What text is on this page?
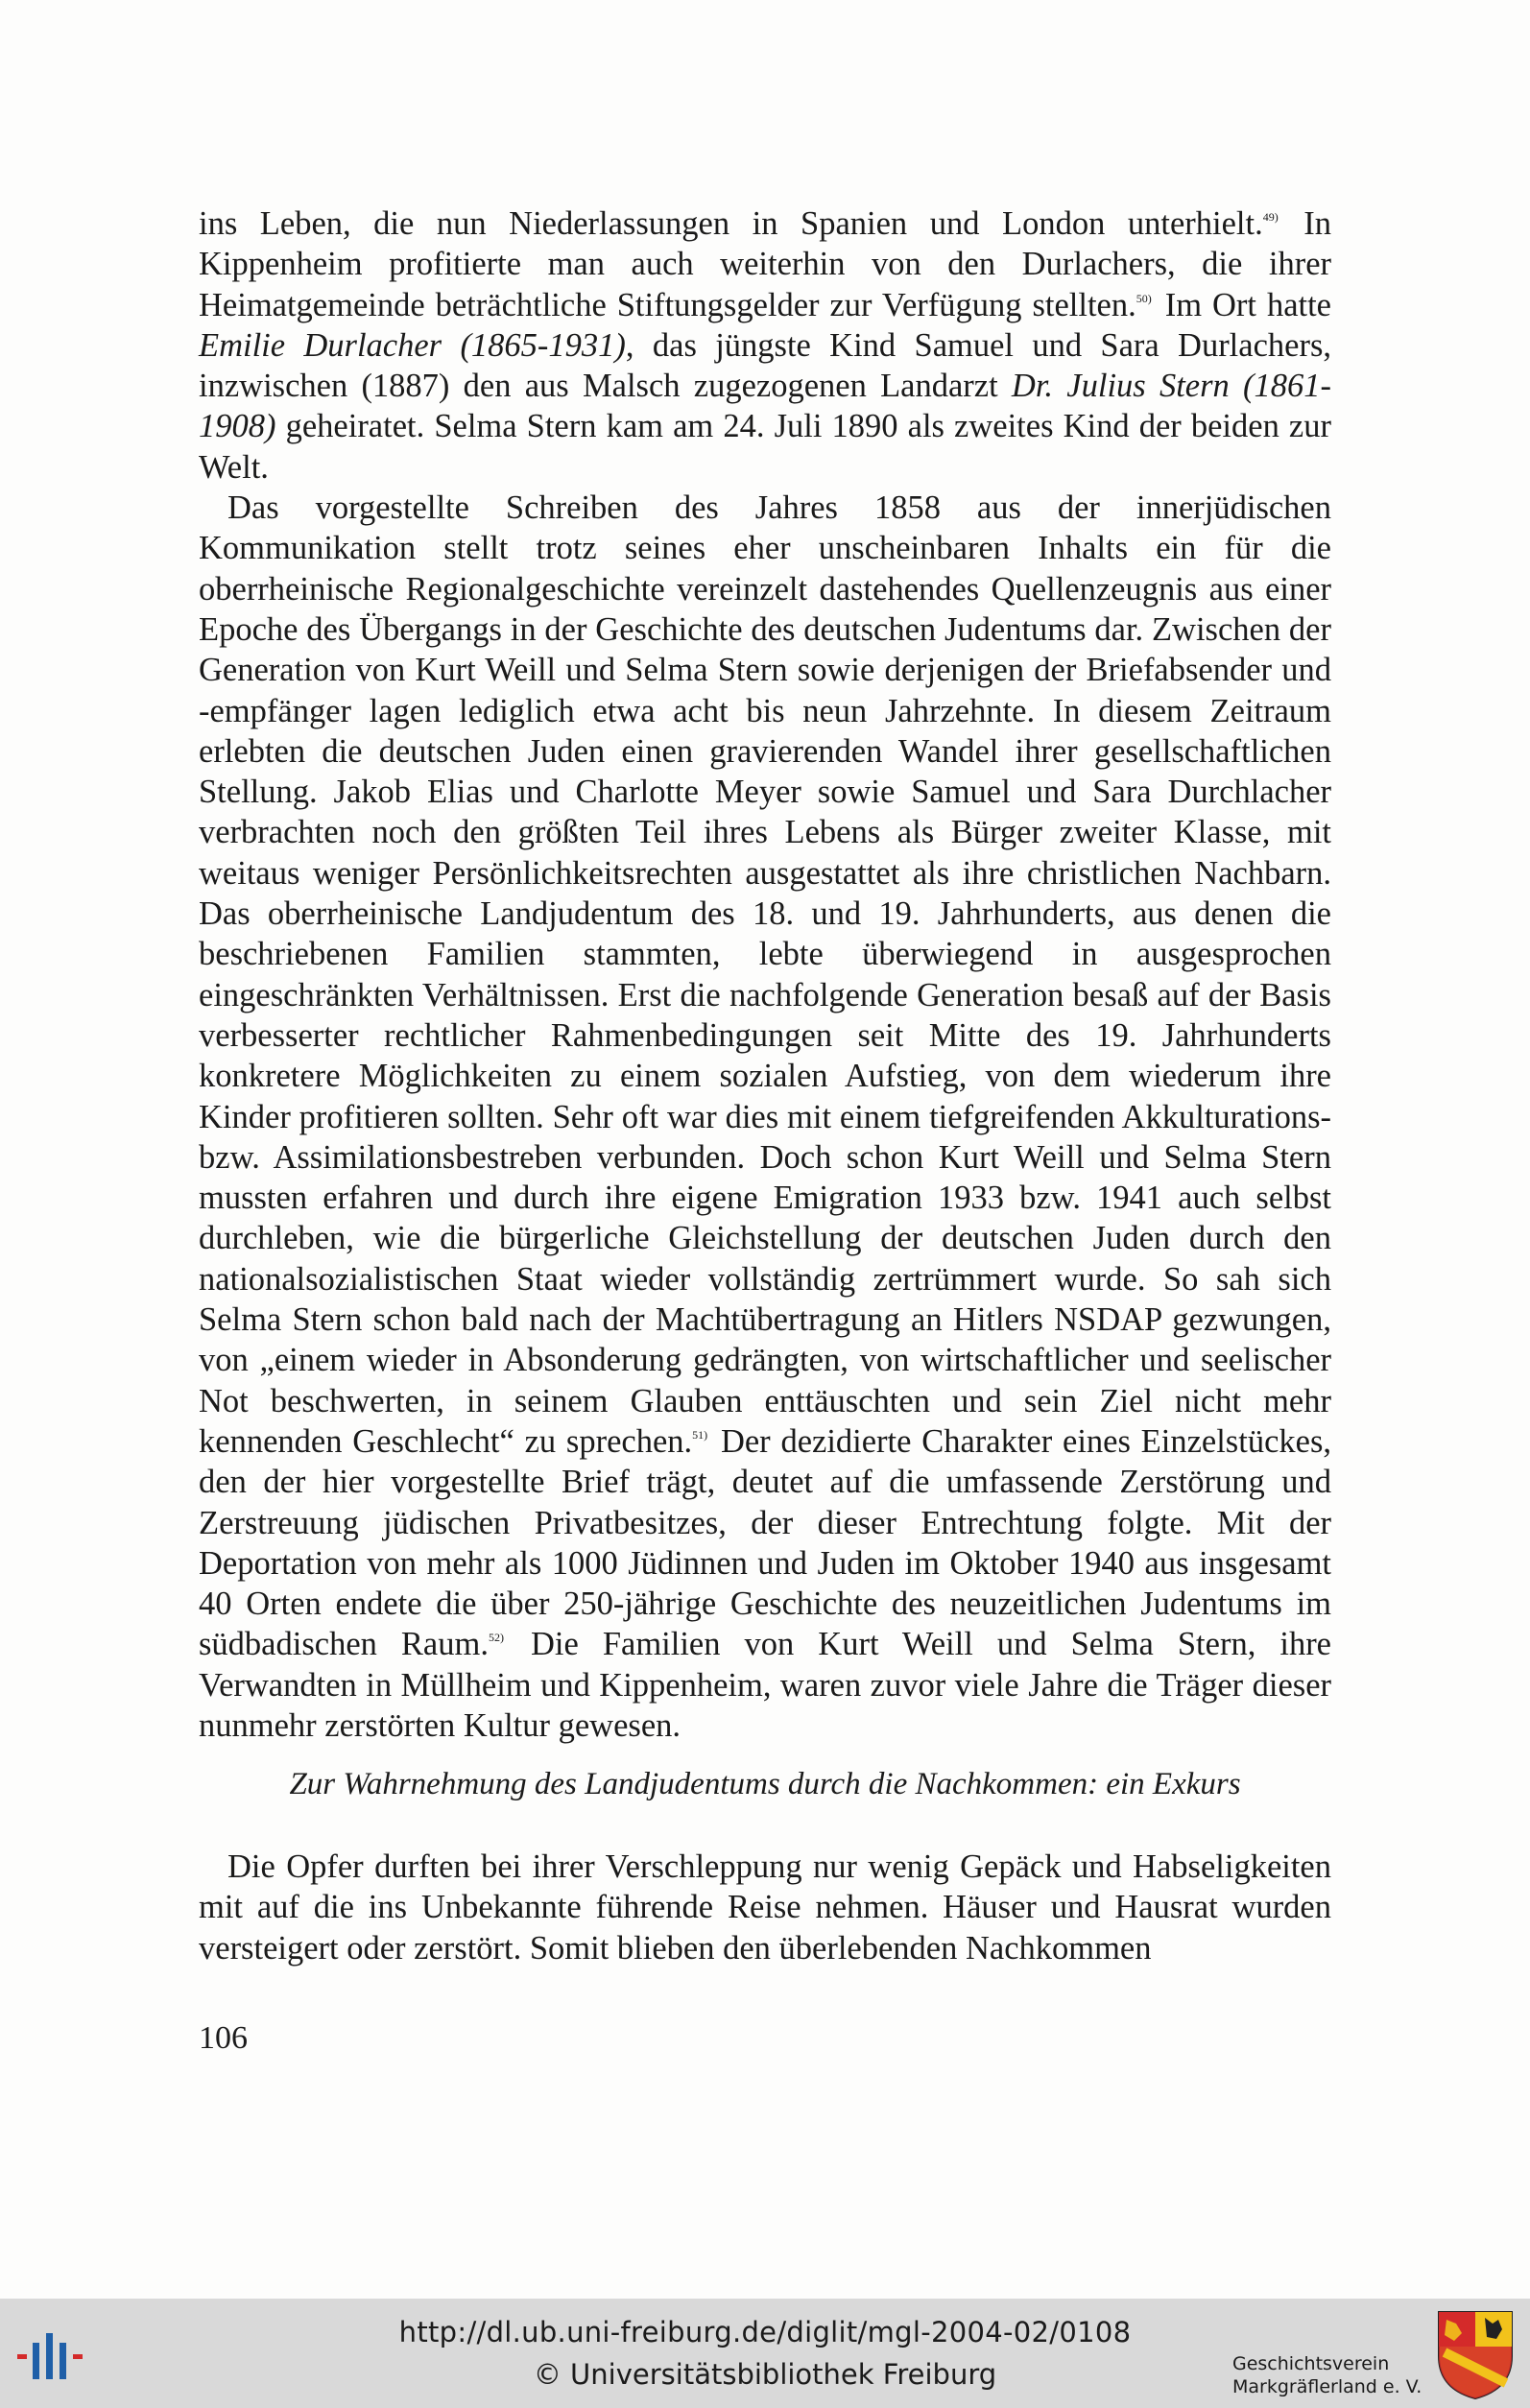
ins Leben, die nun Niederlassungen in Spanien und London unterhielt.$^{49)}$ In Kippenheim profitierte man auch weiterhin von den Durlachers, die ihrer Heimatgemeinde beträchtliche Stiftungsgelder zur Verfügung stellten.$^{50)}$ Im Ort hatte Emilie Durlacher (1865-1931), das jüngste Kind Samuel und Sara Durlachers, inzwischen (1887) den aus Malsch zugezogenen Landarzt Dr. Julius Stern (1861-1908) geheiratet. Selma Stern kam am 24. Juli 1890 als zweites Kind der beiden zur Welt.

Das vorgestellte Schreiben des Jahres 1858 aus der innerjüdischen Kommunikation stellt trotz seines eher unscheinbaren Inhalts ein für die oberrheinische Regionalgeschichte vereinzelt dastehendes Quellenzeugnis aus einer Epoche des Übergangs in der Geschichte des deutschen Judentums dar. Zwischen der Generation von Kurt Weill und Selma Stern sowie derjenigen der Briefabsender und -empfänger lagen lediglich etwa acht bis neun Jahrzehnte. In diesem Zeitraum erlebten die deutschen Juden einen gravierenden Wandel ihrer gesellschaftlichen Stellung. Jakob Elias und Charlotte Meyer sowie Samuel und Sara Durchlacher verbrachten noch den größten Teil ihres Lebens als Bürger zweiter Klasse, mit weitaus weniger Persönlichkeitsrechten ausgestattet als ihre christlichen Nachbarn. Das oberrheinische Landjudentum des 18. und 19. Jahrhunderts, aus denen die beschriebenen Familien stammten, lebte überwiegend in ausgesprochen eingeschränkten Verhältnissen. Erst die nachfolgende Generation besaß auf der Basis verbesserter rechtlicher Rahmenbedingungen seit Mitte des 19. Jahrhunderts konkretere Möglichkeiten zu einem sozialen Aufstieg, von dem wiederum ihre Kinder profitieren sollten. Sehr oft war dies mit einem tiefgreifenden Akkulturations- bzw. Assimilationsbestreben verbunden. Doch schon Kurt Weill und Selma Stern mussten erfahren und durch ihre eigene Emigration 1933 bzw. 1941 auch selbst durchleben, wie die bürgerliche Gleichstellung der deutschen Juden durch den nationalsozialistischen Staat wieder vollständig zertrümmert wurde. So sah sich Selma Stern schon bald nach der Machtübertragung an Hitlers NSDAP gezwungen, von „einem wieder in Absonderung gedrängten, von wirtschaftlicher und seelischer Not beschwerten, in seinem Glauben enttäuschten und sein Ziel nicht mehr kennenden Geschlecht“ zu sprechen.$^{51)}$ Der dezidierte Charakter eines Einzelstückes, den der hier vorgestellte Brief trägt, deutet auf die umfassende Zerstörung und Zerstreuung jüdischen Privatbesitzes, der dieser Entrechtung folgte. Mit der Deportation von mehr als 1000 Jüdinnen und Juden im Oktober 1940 aus insgesamt 40 Orten endete die über 250-jährige Geschichte des neuzeitlichen Judentums im südbadischen Raum.$^{52)}$ Die Familien von Kurt Weill und Selma Stern, ihre Verwandten in Müllheim und Kippenheim, waren zuvor viele Jahre die Träger dieser nunmehr zerstörten Kultur gewesen.

Zur Wahrnehmung des Landjudentums durch die Nachkommen: ein Exkurs

Die Opfer durften bei ihrer Verschleppung nur wenig Gepäck und Habseligkeiten mit auf die ins Unbekannte führende Reise nehmen. Häuser und Hausrat wurden versteigert oder zerstört. Somit blieben den überlebenden Nachkommen

106
http://dl.ub.uni-freiburg.de/diglit/mgl-2004-02/0108
© Universitätsbibliothek Freiburg	Geschichtsverein
Markgräflerland e. V.
